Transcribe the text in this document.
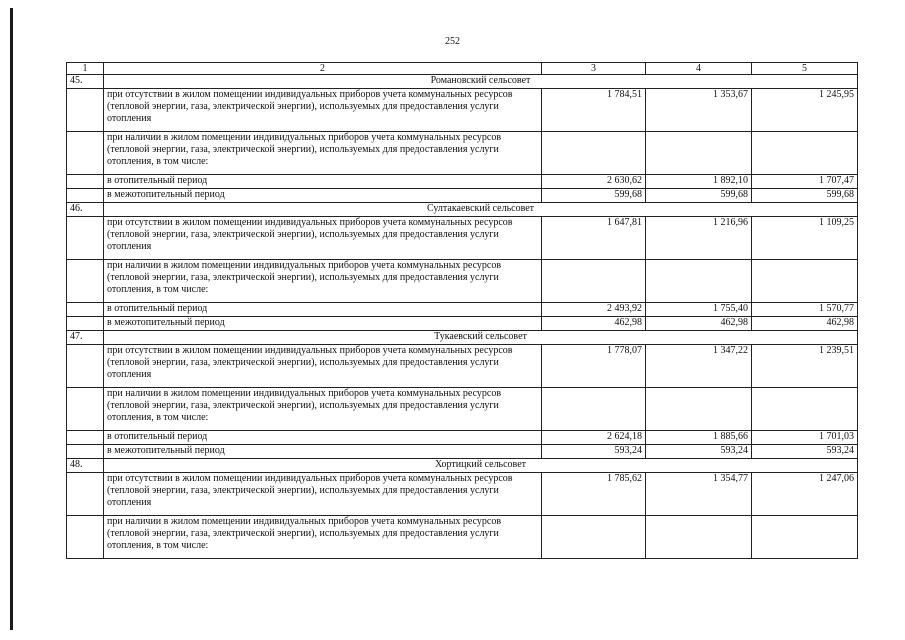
252
1	2	3	4	5
45.	Романовский сельсовет			
	при отсутствии в жилом помещении индивидуальных приборов учета коммунальных ресурсов (тепловой энергии, газа, электрической энергии), используемых для предоставления услуги отопления	1 784,51	1 353,67	1 245,95
	при наличии в жилом помещении индивидуальных приборов учета коммунальных ресурсов (тепловой энергии, газа, электрической энергии), используемых для предоставления услуги отопления, в том числе:			
	в отопительный период	2 630,62	1 892,10	1 707,47
	в межотопительный период	599,68	599,68	599,68
46.	Султакаевский сельсовет			
	при отсутствии в жилом помещении индивидуальных приборов учета коммунальных ресурсов (тепловой энергии, газа, электрической энергии), используемых для предоставления услуги отопления	1 647,81	1 216,96	1 109,25
	при наличии в жилом помещении индивидуальных приборов учета коммунальных ресурсов (тепловой энергии, газа, электрической энергии), используемых для предоставления услуги отопления, в том числе:			
	в отопительный период	2 493,92	1 755,40	1 570,77
	в межотопительный период	462,98	462,98	462,98
47.	Тукаевский сельсовет			
	при отсутствии в жилом помещении индивидуальных приборов учета коммунальных ресурсов (тепловой энергии, газа, электрической энергии), используемых для предоставления услуги отопления	1 778,07	1 347,22	1 239,51
	при наличии в жилом помещении индивидуальных приборов учета коммунальных ресурсов (тепловой энергии, газа, электрической энергии), используемых для предоставления услуги отопления, в том числе:			
	в отопительный период	2 624,18	1 885,66	1 701,03
	в межотопительный период	593,24	593,24	593,24
48.	Хортицкий сельсовет			
	при отсутствии в жилом помещении индивидуальных приборов учета коммунальных ресурсов (тепловой энергии, газа, электрической энергии), используемых для предоставления услуги отопления	1 785,62	1 354,77	1 247,06
	при наличии в жилом помещении индивидуальных приборов учета коммунальных ресурсов (тепловой энергии, газа, электрической энергии), используемых для предоставления услуги отопления, в том числе:			
